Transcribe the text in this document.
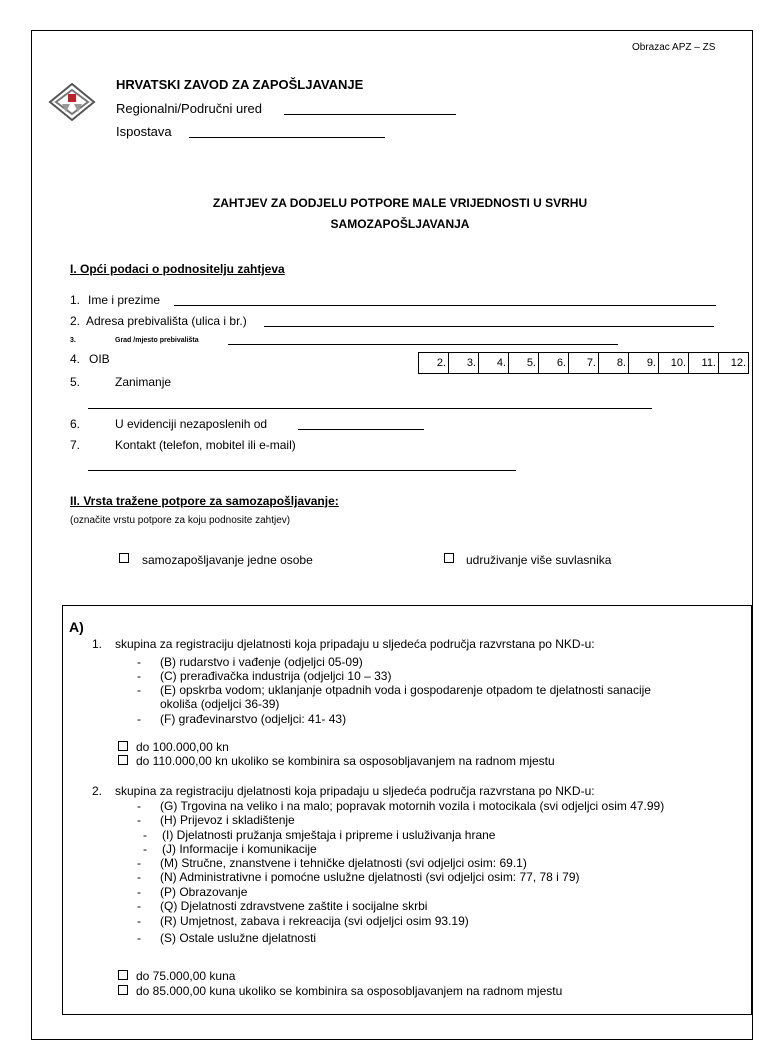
Obrazac APZ – ZS
HRVATSKI ZAVOD ZA ZAPOŠLJAVANJE
Regionalni/Područni ured
Ispostava
ZAHTJEV ZA DODJELU POTPORE MALE VRIJEDNOSTI U SVRHU
SAMOZAPOŠLJAVANJA
I. Opći podaci o podnositelju zahtjeva
1. Ime i prezime
2. Adresa prebivališta (ulica i br.)
3.	Grad /mjesto prebivališta
4. OIB	2.	3.	4.	5.	6.	7.	8.	9.	10.	11.	12.
5.	Zanimanje
6.	U evidenciji nezaposlenih od
7.	Kontakt (telefon, mobitel ili e-mail)
II. Vrsta tražene potpore za samozapošljavanje:
(označite vrstu potpore za koju podnosite zahtjev)
samozapošljavanje jedne osobe	udruživanje više suvlasnika
A)
1. skupina za registraciju djelatnosti koja pripadaju u sljedeća područja razvrstana po NKD-u:
- (B) rudarstvo i vađenje (odjeljci 05-09)
- (C) prerađivačka industrija (odjeljci 10 – 33)
- (E) opskrba vodom; uklanjanje otpadnih voda i gospodarenje otpadom te djelatnosti sanacije
okoliša (odjeljci 36-39)
- (F) građevinarstvo (odjeljci: 41- 43)
do 100.000,00 kn
do 110.000,00 kn ukoliko se kombinira sa osposobljavanjem na radnom mjestu
2. skupina za registraciju djelatnosti koja pripadaju u sljedeća područja razvrstana po NKD-u:
- (G) Trgovina na veliko i na malo; popravak motornih vozila i motocikala (svi odjeljci osim 47.99)
- (H) Prijevoz i skladištenje
- (I) Djelatnosti pružanja smještaja i pripreme i usluživanja hrane
- (J) Informacije i komunikacije
- (M) Stručne, znanstvene i tehničke djelatnosti (svi odjeljci osim: 69.1)
- (N) Administrativne i pomoćne uslužne djelatnosti (svi odjeljci osim: 77, 78 i 79)
- (P) Obrazovanje
- (Q) Djelatnosti zdravstvene zaštite i socijalne skrbi
- (R) Umjetnost, zabava i rekreacija (svi odjeljci osim 93.19)
- (S) Ostale uslužne djelatnosti
do 75.000,00 kuna
do 85.000,00 kuna ukoliko se kombinira sa osposobljavanjem na radnom mjestu
